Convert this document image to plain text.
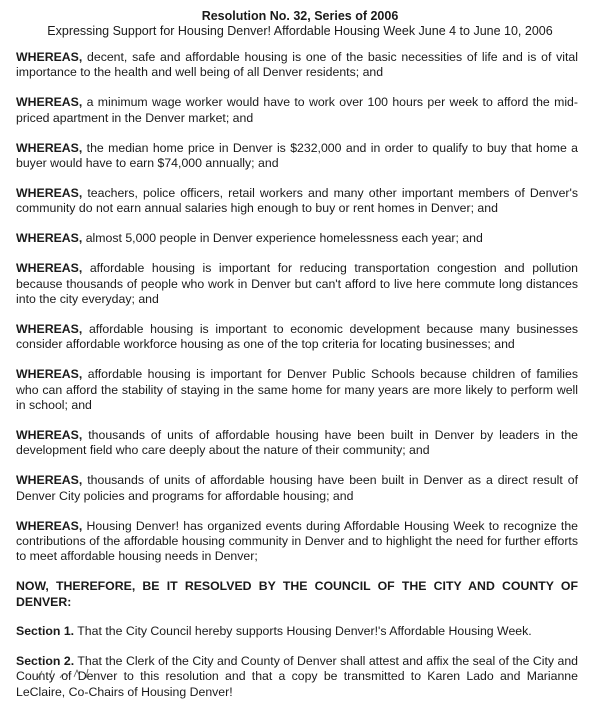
Resolution No. 32, Series of 2006
Expressing Support for Housing Denver! Affordable Housing Week June 4 to June 10, 2006

WHEREAS, decent, safe and affordable housing is one of the basic necessities of life and is of vital importance to the health and well being of all Denver residents; and

WHEREAS, a minimum wage worker would have to work over 100 hours per week to afford the mid-priced apartment in the Denver market; and

WHEREAS, the median home price in Denver is $232,000 and in order to qualify to buy that home a buyer would have to earn $74,000 annually; and

WHEREAS, teachers, police officers, retail workers and many other important members of Denver's community do not earn annual salaries high enough to buy or rent homes in Denver; and

WHEREAS, almost 5,000 people in Denver experience homelessness each year; and

WHEREAS, affordable housing is important for reducing transportation congestion and pollution because thousands of people who work in Denver but can't afford to live here commute long distances into the city everyday; and

WHEREAS, affordable housing is important to economic development because many businesses consider affordable workforce housing as one of the top criteria for locating businesses; and

WHEREAS, affordable housing is important for Denver Public Schools because children of families who can afford the stability of staying in the same home for many years are more likely to perform well in school; and

WHEREAS, thousands of units of affordable housing have been built in Denver by leaders in the development field who care deeply about the nature of their community; and

WHEREAS, thousands of units of affordable housing have been built in Denver as a direct result of Denver City policies and programs for affordable housing; and

WHEREAS, Housing Denver! has organized events during Affordable Housing Week to recognize the contributions of the affordable housing community in Denver and to highlight the need for further efforts to meet affordable housing needs in Denver;

NOW, THEREFORE, BE IT RESOLVED BY THE COUNCIL OF THE CITY AND COUNTY OF DENVER:

Section 1. That the City Council hereby supports Housing Denver!'s Affordable Housing Week.

Section 2. That the Clerk of the City and County of Denver shall attest and affix the seal of the City and County of Denver to this resolution and that a copy be transmitted to Karen Lado and Marianne LeClaire, Co-Chairs of Housing Denver!
